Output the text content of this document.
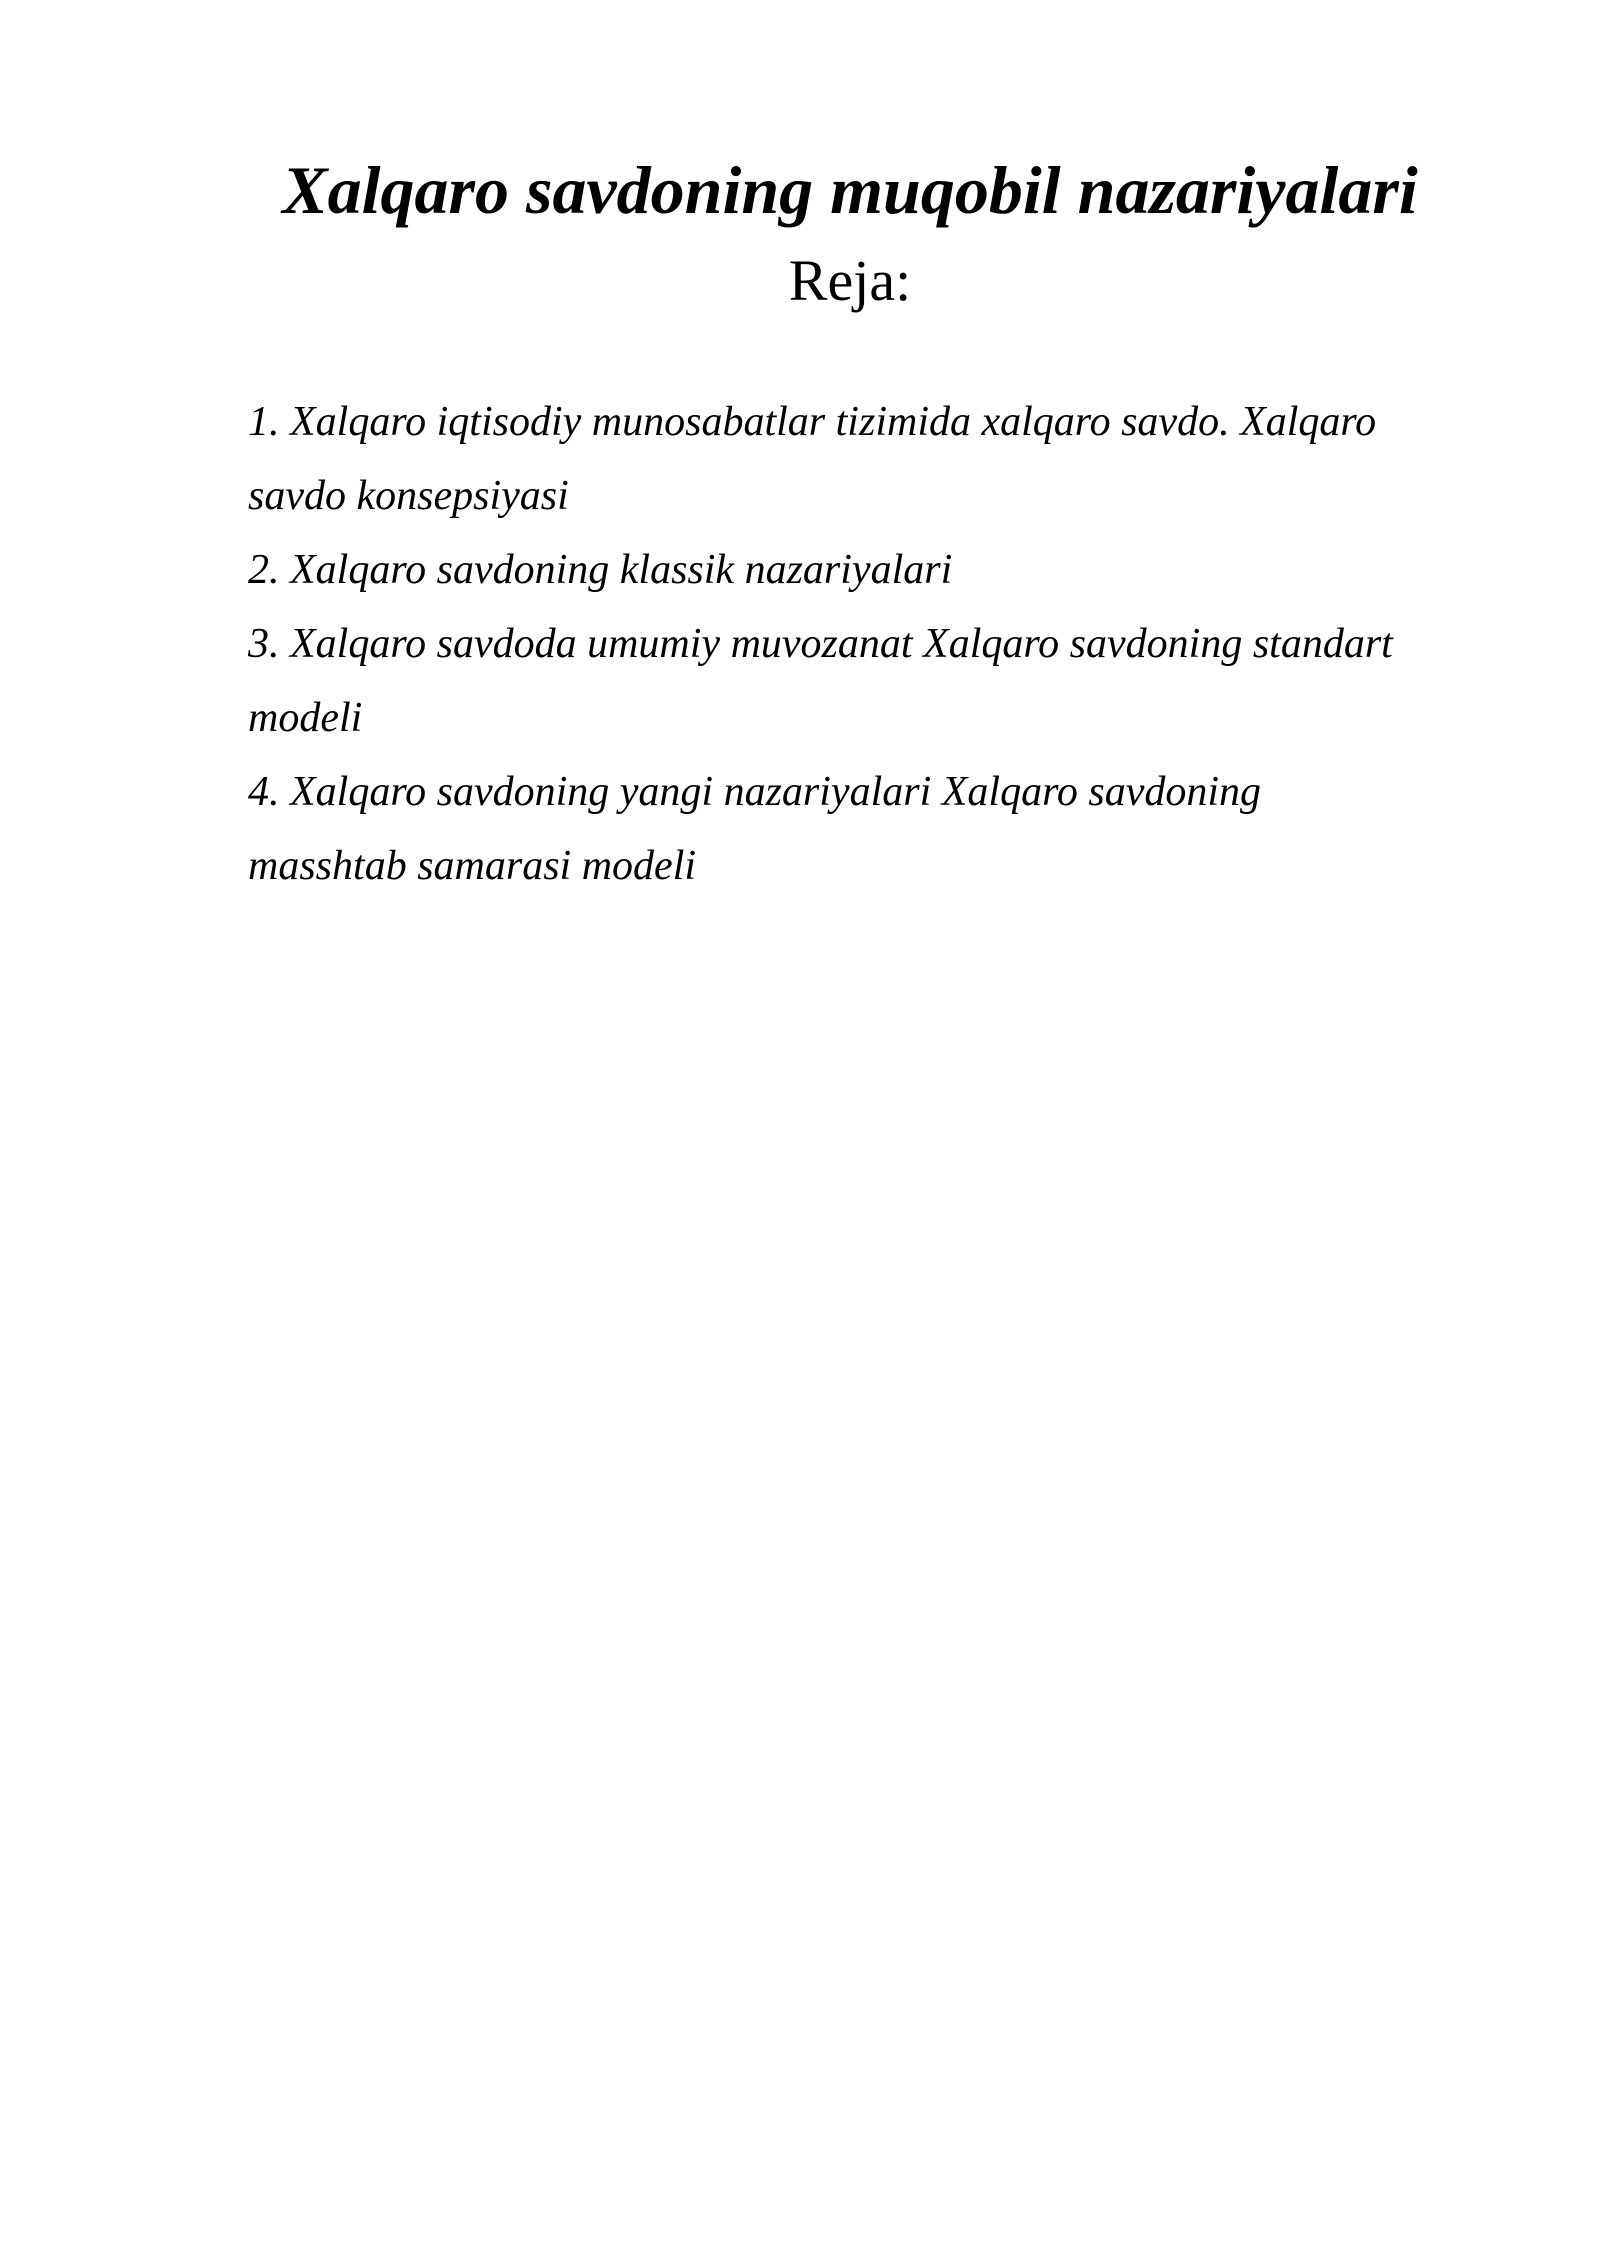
Xalqaro savdoning muqobil nazariyalari
Reja:
1. Xalqaro iqtisodiy munosabatlar tizimida xalqaro savdo. Xalqaro
savdo konsepsiyasi
2. Xalqaro savdoning klassik nazariyalari
3. Xalqaro savdoda umumiy muvozanat Xalqaro savdoning standart
modeli
4. Xalqaro savdoning yangi nazariyalari Xalqaro savdoning
masshtab samarasi modeli
